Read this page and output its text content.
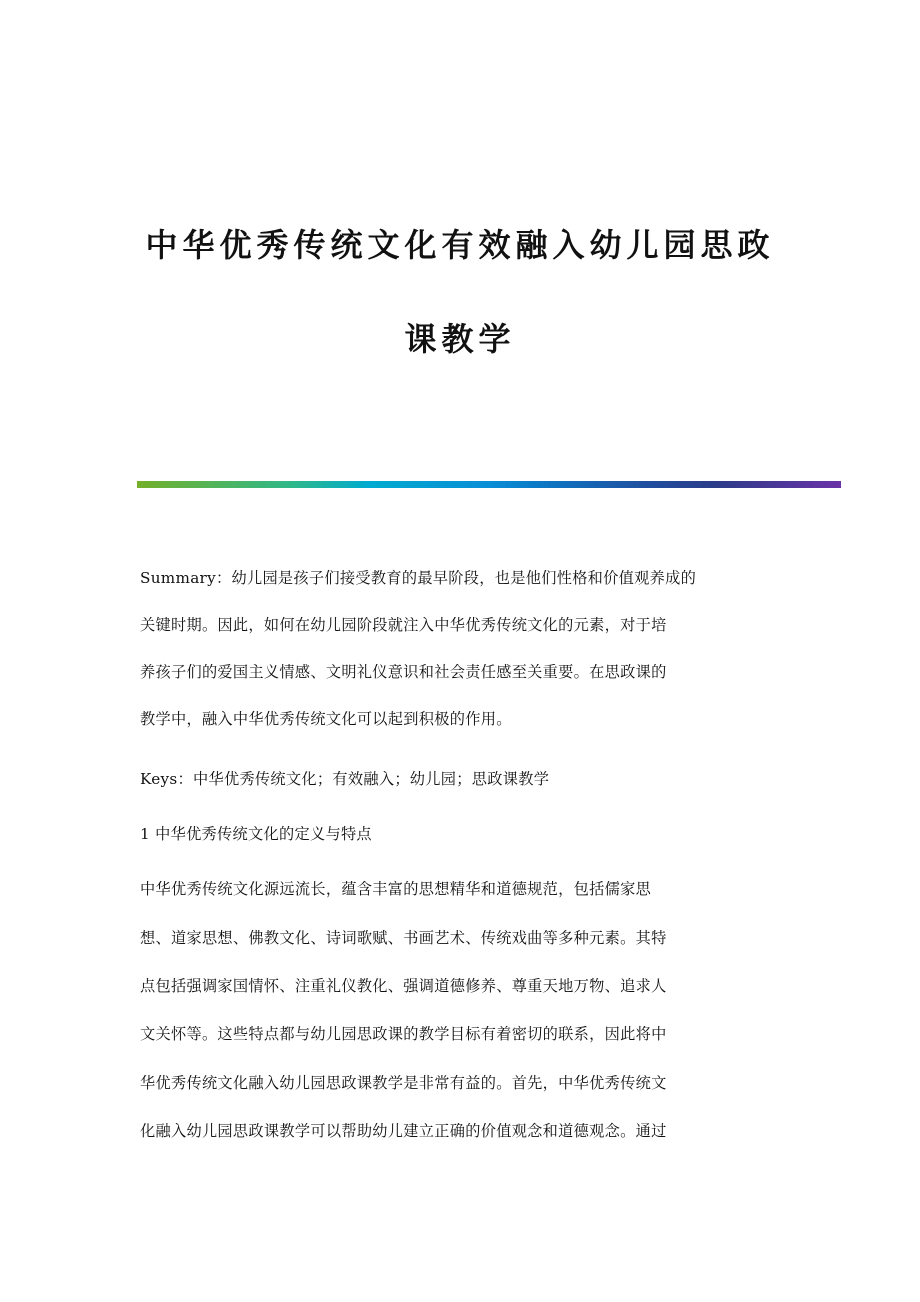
中华优秀传统文化有效融入幼儿园思政
课教学
Summary：幼儿园是孩子们接受教育的最早阶段，也是他们性格和价值观养成的
关键时期。因此，如何在幼儿园阶段就注入中华优秀传统文化的元素，对于培
养孩子们的爱国主义情感、文明礼仪意识和社会责任感至关重要。在思政课的
教学中，融入中华优秀传统文化可以起到积极的作用。
Keys：中华优秀传统文化；有效融入；幼儿园；思政课教学
1 中华优秀传统文化的定义与特点
中华优秀传统文化源远流长，蕴含丰富的思想精华和道德规范，包括儒家思
想、道家思想、佛教文化、诗词歌赋、书画艺术、传统戏曲等多种元素。其特
点包括强调家国情怀、注重礼仪教化、强调道德修养、尊重天地万物、追求人
文关怀等。这些特点都与幼儿园思政课的教学目标有着密切的联系，因此将中
华优秀传统文化融入幼儿园思政课教学是非常有益的。首先，中华优秀传统文
化融入幼儿园思政课教学可以帮助幼儿建立正确的价值观念和道德观念。通过
